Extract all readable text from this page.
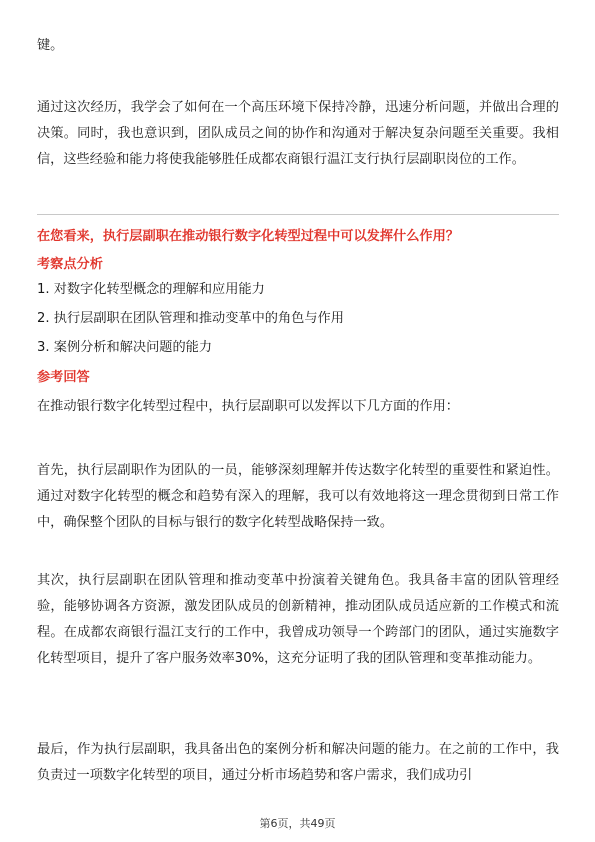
键。

通过这次经历，我学会了如何在一个高压环境下保持冷静，迅速分析问题，并做出合理的决策。同时，我也意识到，团队成员之间的协作和沟通对于解决复杂问题至关重要。我相信，这些经验和能力将使我能够胜任成都农商银行温江支行执行层副职岗位的工作。

在您看来，执行层副职在推动银行数字化转型过程中可以发挥什么作用？

考察点分析

1. 对数字化转型概念的理解和应用能力

2. 执行层副职在团队管理和推动变革中的角色与作用

3. 案例分析和解决问题的能力

参考回答

在推动银行数字化转型过程中，执行层副职可以发挥以下几方面的作用：

首先，执行层副职作为团队的一员，能够深刻理解并传达数字化转型的重要性和紧迫性。通过对数字化转型的概念和趋势有深入的理解，我可以有效地将这一理念贯彻到日常工作中，确保整个团队的目标与银行的数字化转型战略保持一致。

其次，执行层副职在团队管理和推动变革中扮演着关键角色。我具备丰富的团队管理经验，能够协调各方资源，激发团队成员的创新精神，推动团队成员适应新的工作模式和流程。在成都农商银行温江支行的工作中，我曾成功领导一个跨部门的团队，通过实施数字化转型项目，提升了客户服务效率30%，这充分证明了我的团队管理和变革推动能力。

最后，作为执行层副职，我具备出色的案例分析和解决问题的能力。在之前的工作中，我负责过一项数字化转型的项目，通过分析市场趋势和客户需求，我们成功引

第6页，共49页
